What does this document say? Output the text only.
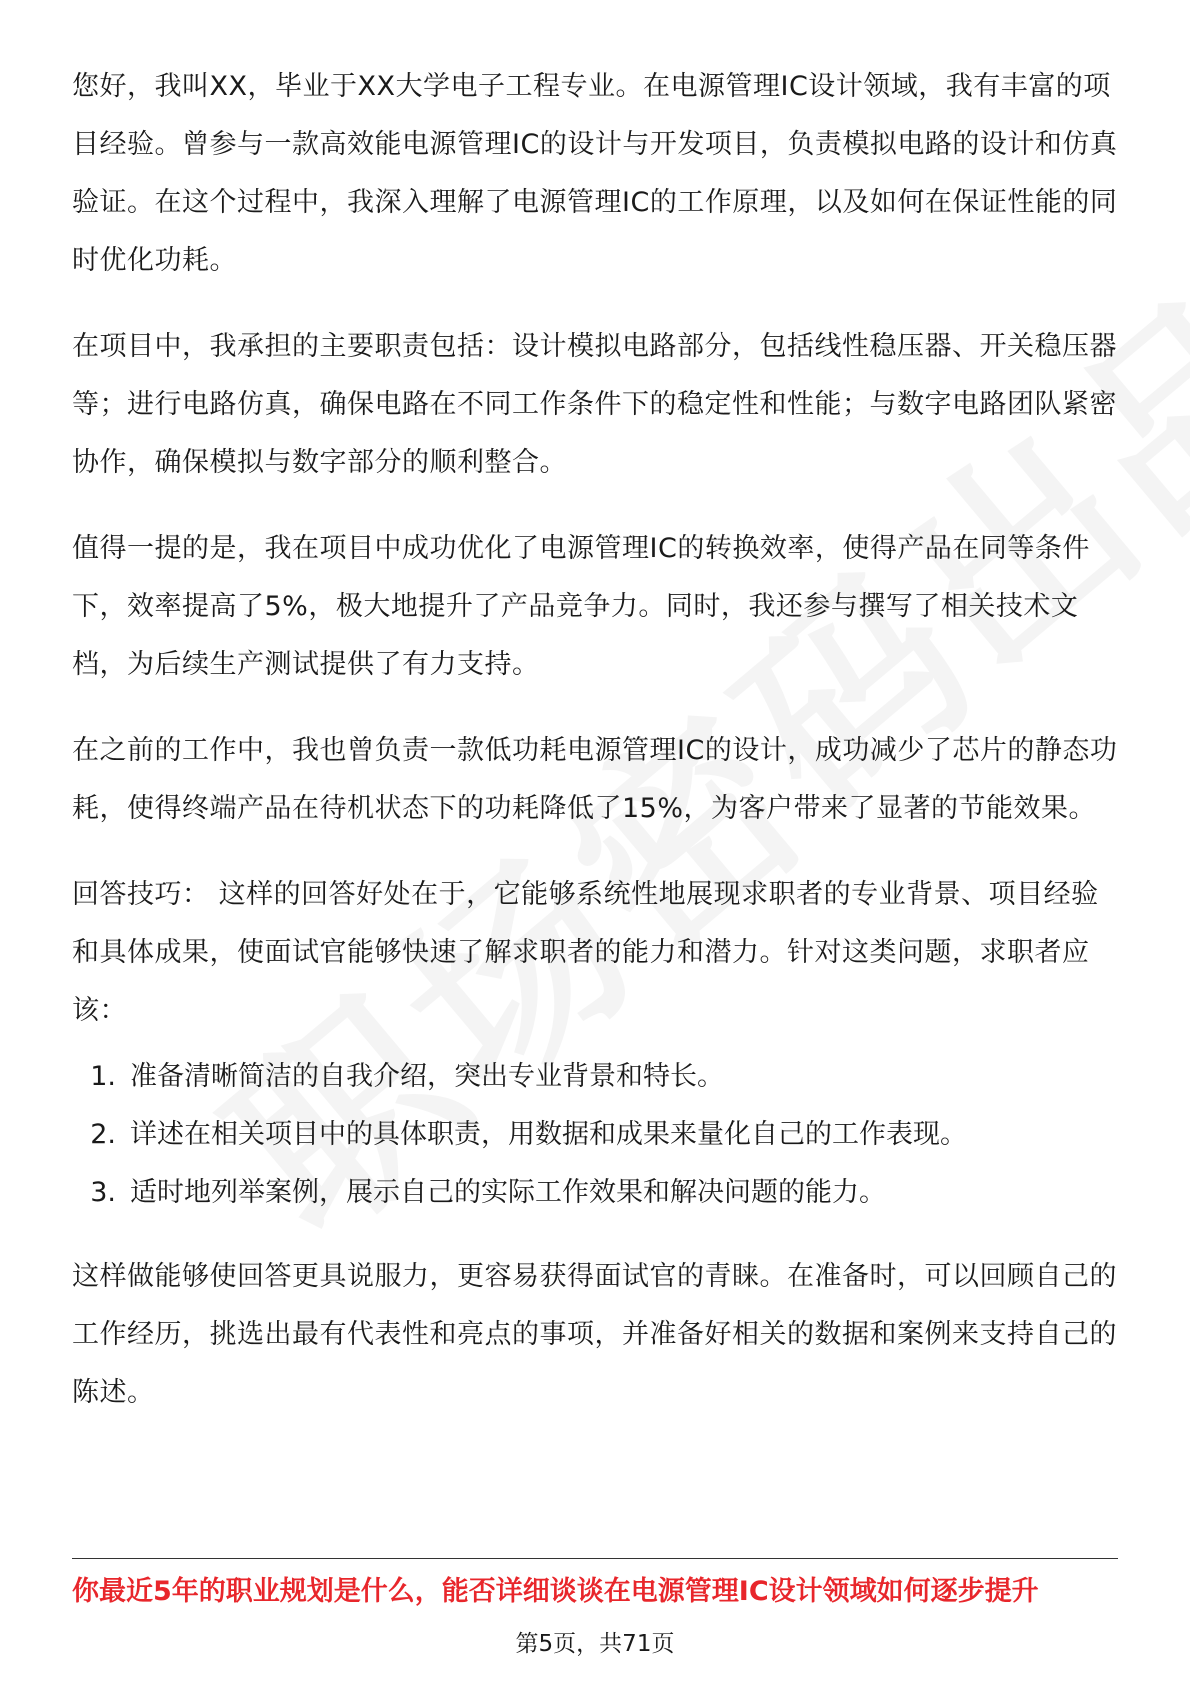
您好，我叫XX，毕业于XX大学电子工程专业。在电源管理IC设计领域，我有丰富的项目经验。曾参与一款高效能电源管理IC的设计与开发项目，负责模拟电路的设计和仿真验证。在这个过程中，我深入理解了电源管理IC的工作原理，以及如何在保证性能的同时优化功耗。

在项目中，我承担的主要职责包括：设计模拟电路部分，包括线性稳压器、开关稳压器等；进行电路仿真，确保电路在不同工作条件下的稳定性和性能；与数字电路团队紧密协作，确保模拟与数字部分的顺利整合。

值得一提的是，我在项目中成功优化了电源管理IC的转换效率，使得产品在同等条件下，效率提高了5%，极大地提升了产品竞争力。同时，我还参与撰写了相关技术文档，为后续生产测试提供了有力支持。

在之前的工作中，我也曾负责一款低功耗电源管理IC的设计，成功减少了芯片的静态功耗，使得终端产品在待机状态下的功耗降低了15%，为客户带来了显著的节能效果。

回答技巧： 这样的回答好处在于，它能够系统性地展现求职者的专业背景、项目经验和具体成果，使面试官能够快速了解求职者的能力和潜力。针对这类问题，求职者应该：

1. 准备清晰简洁的自我介绍，突出专业背景和特长。
2. 详述在相关项目中的具体职责，用数据和成果来量化自己的工作表现。
3. 适时地列举案例，展示自己的实际工作效果和解决问题的能力。

这样做能够使回答更具说服力，更容易获得面试官的青睐。在准备时，可以回顾自己的工作经历，挑选出最有代表性和亮点的事项，并准备好相关的数据和案例来支持自己的陈述。

你最近5年的职业规划是什么，能否详细谈谈在电源管理IC设计领域如何逐步提升
第5页，共71页
